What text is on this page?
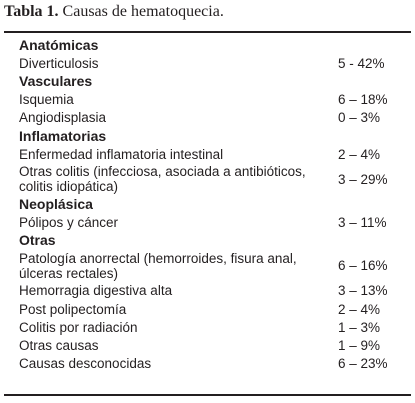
Tabla 1. Causas de hematoquecia.
Anatómicas	
Diverticulosis	5 - 42%
Vasculares	
Isquemia	6 – 18%
Angiodisplasia	0 – 3%
Inflamatorias	
Enfermedad inflamatoria intestinal	2 – 4%
Otras colitis (infecciosa, asociada a antibióticos, colitis idiopática)	3 – 29%
Neoplásica	
Pólipos y cáncer	3 – 11%
Otras	
Patología anorrectal (hemorroides, fisura anal, úlceras rectales)	6 – 16%
Hemorragia digestiva alta	3 – 13%
Post polipectomía	2 – 4%
Colitis por radiación	1 – 3%
Otras causas	1 – 9%
Causas desconocidas	6 – 23%
